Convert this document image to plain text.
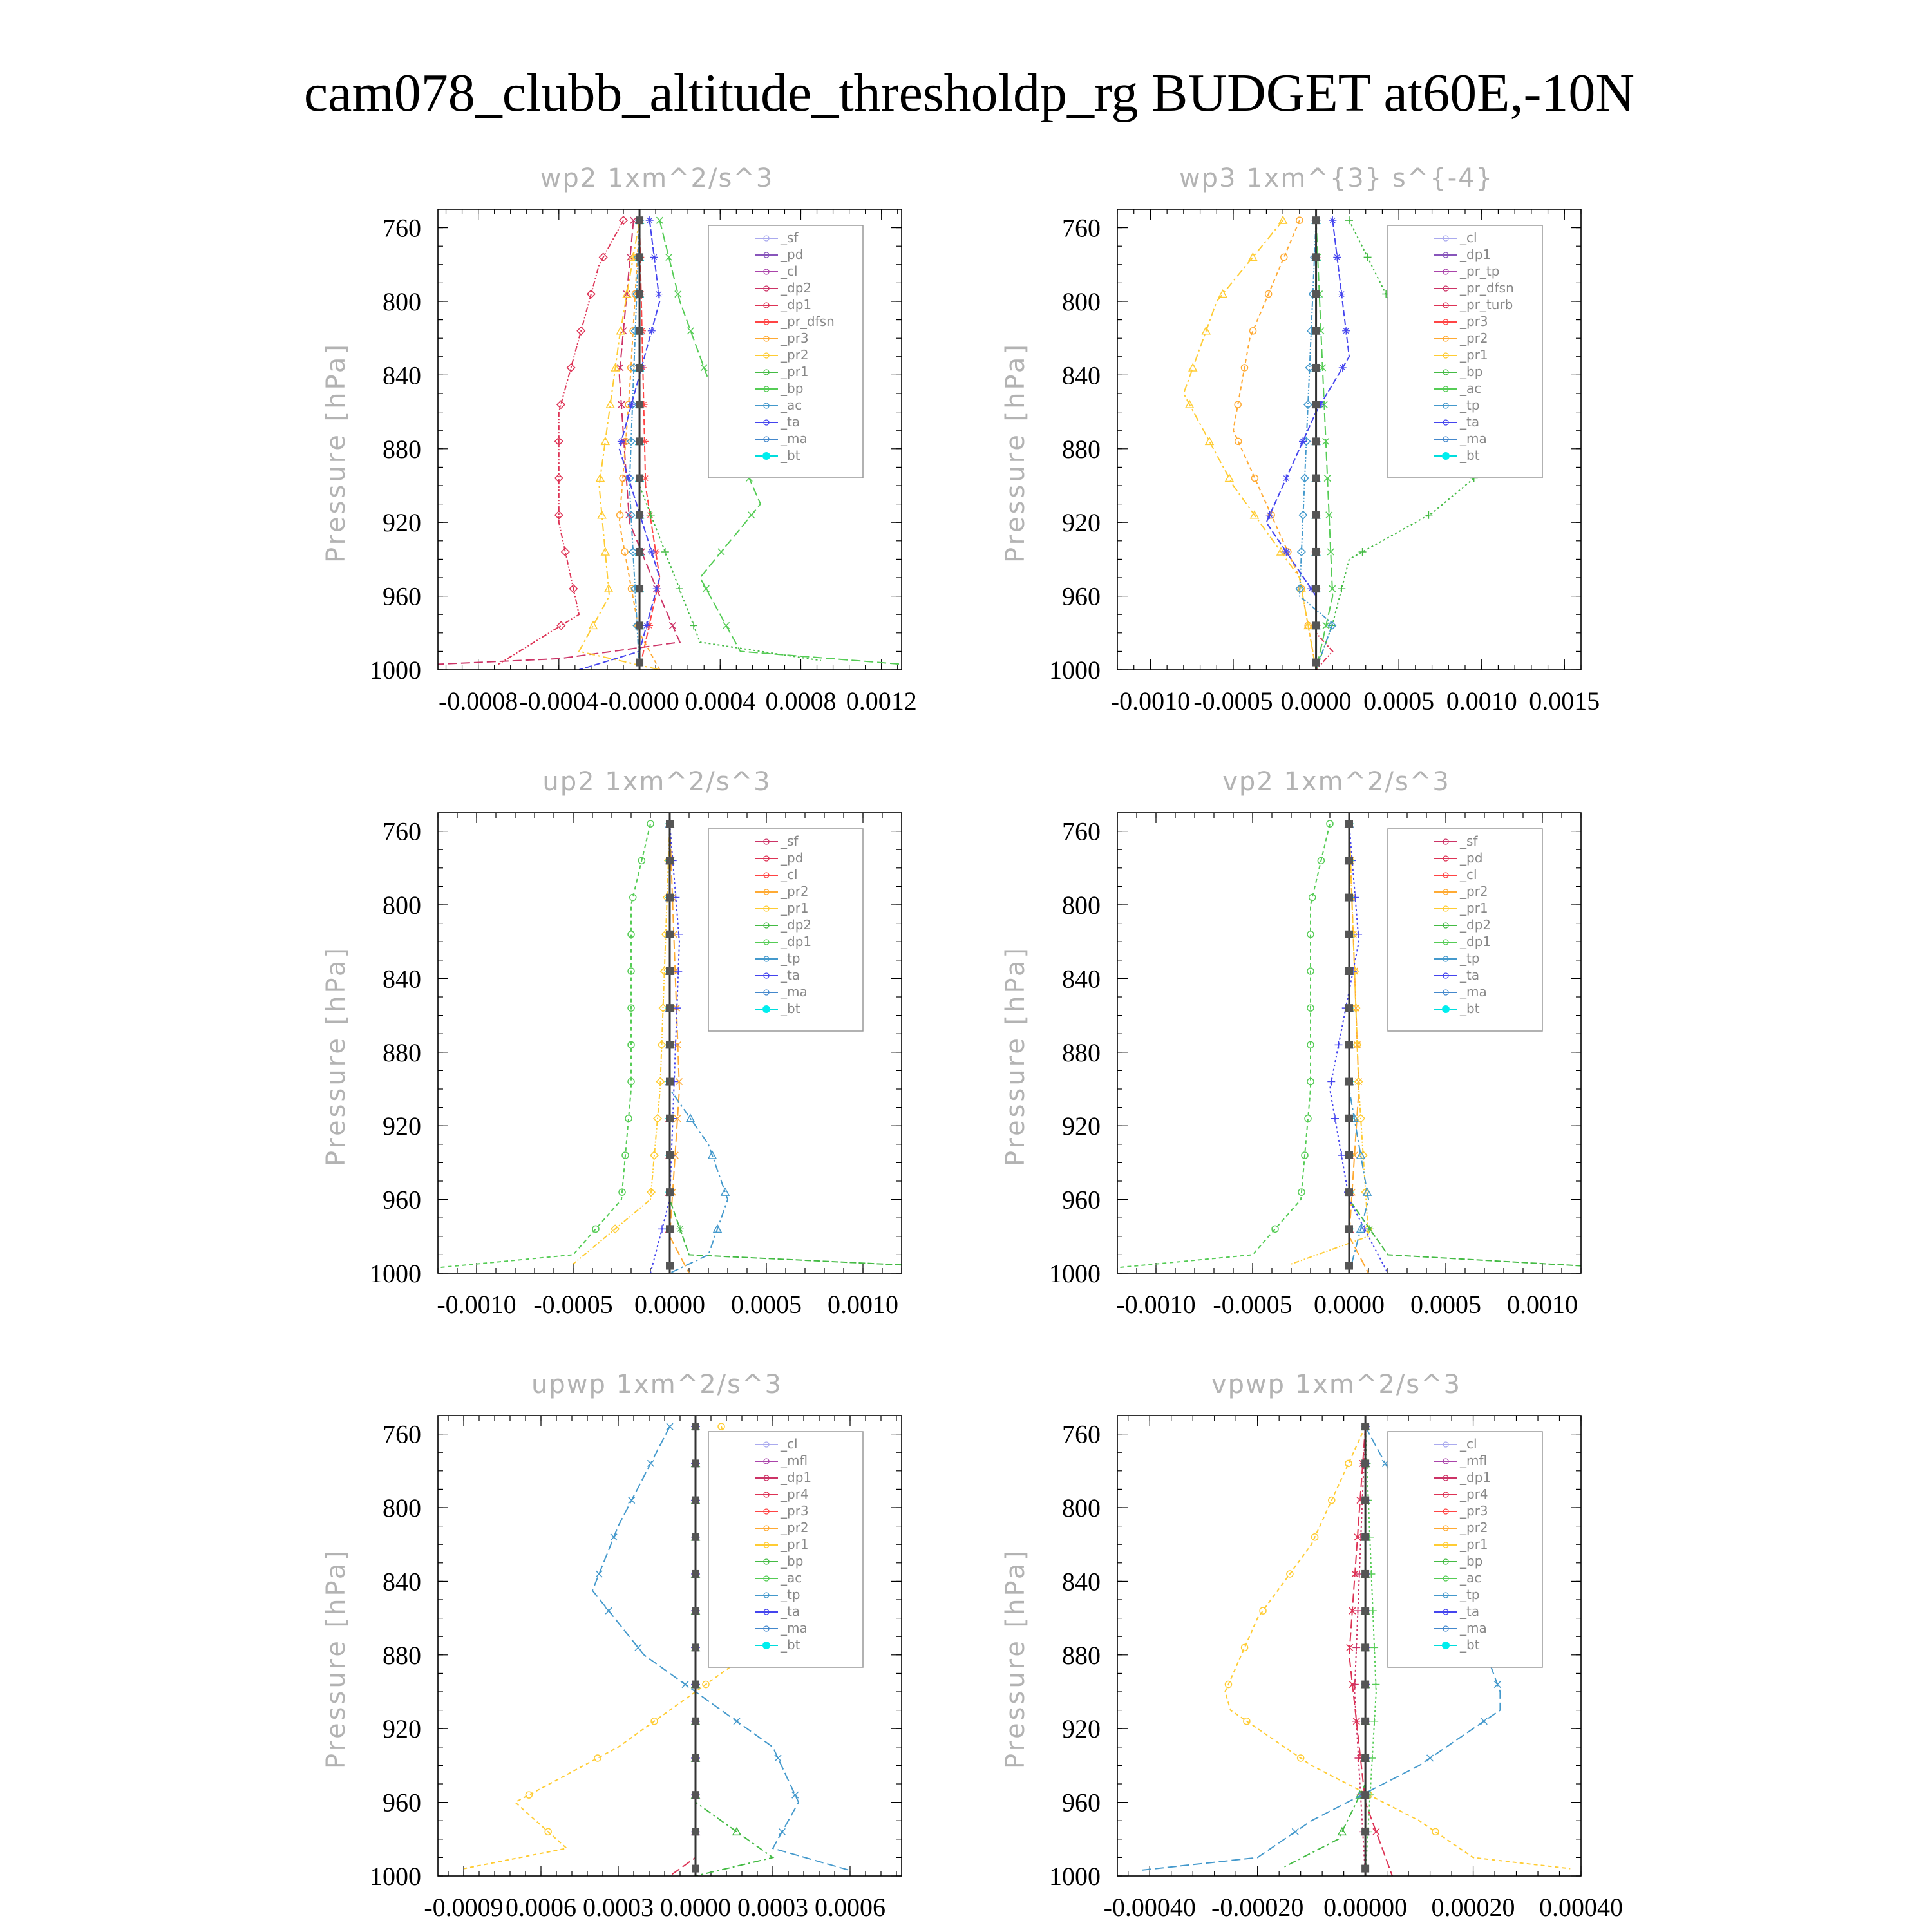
cam078_clubb_altitude_thresholdp_rg BUDGET at60E,-10N
wp2 1xm^2/s^3
Pressure [hPa]
760
800
840
880
920
960
1000
-0.0008 -0.0004 -0.0000 0.0004 0.0008 0.0012
_sf
_pd
_cl
_dp2
_dp1
_pr_dfsn
_pr3
_pr2
_pr1
_bp
_ac
_ta
_ma
_bt
wp3 1xm^{3} s^{-4}
Pressure [hPa]
760
800
840
880
920
960
1000
-0.0010 -0.0005 0.0000 0.0005 0.0010 0.0015
_cl
_dp1
_pr_tp
_pr_dfsn
_pr_turb
_pr3
_pr2
_pr1
_bp
_ac
_tp
_ta
_ma
_bt
up2 1xm^2/s^3
Pressure [hPa]
760
800
840
880
920
960
1000
-0.0010 -0.0005 0.0000 0.0005 0.0010
_sf
_pd
_cl
_pr2
_pr1
_dp2
_dp1
_tp
_ta
_ma
_bt
vp2 1xm^2/s^3
Pressure [hPa]
760
800
840
880
920
960
1000
-0.0010 -0.0005 0.0000 0.0005 0.0010
_sf
_pd
_cl
_pr2
_pr1
_dp2
_dp1
_tp
_ta
_ma
_bt
upwp 1xm^2/s^3
Pressure [hPa]
760
800
840
880
920
960
1000
-0.0009 0.0006 0.0003 0.0000 0.0003 0.0006
_cl
_mfl
_dp1
_pr4
_pr3
_pr2
_pr1
_bp
_ac
_tp
_ta
_ma
_bt
vpwp 1xm^2/s^3
Pressure [hPa]
760
800
840
880
920
960
1000
-0.00040 -0.00020 0.00000 0.00020 0.00040
_cl
_mfl
_dp1
_pr4
_pr3
_pr2
_pr1
_bp
_ac
_tp
_ta
_ma
_bt
